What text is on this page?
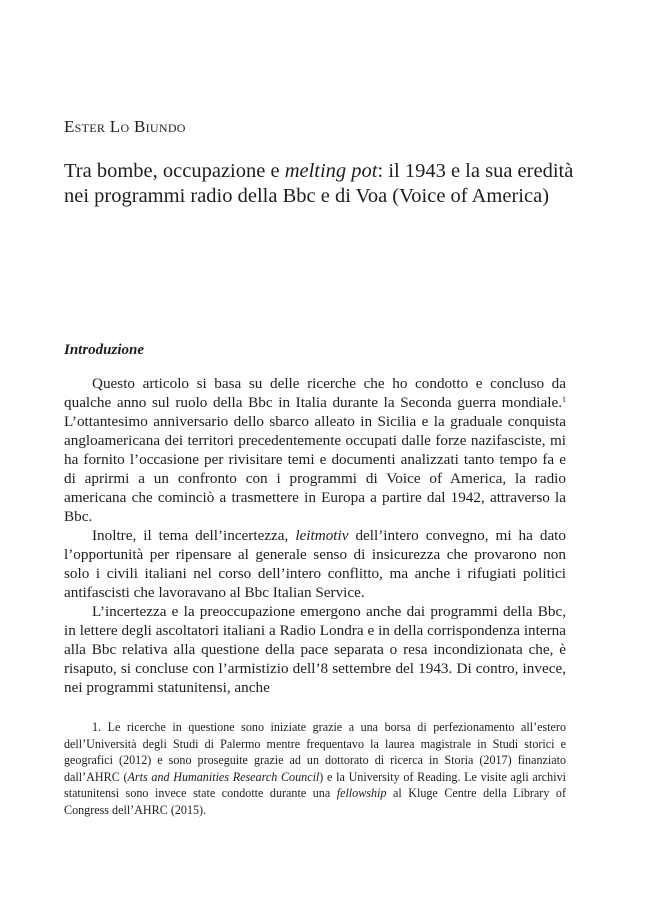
Ester Lo Biundo

Tra bombe, occupazione e melting pot: il 1943 e la sua eredità
nei programmi radio della Bbc e di Voa (Voice of America)
Introduzione

Questo articolo si basa su delle ricerche che ho condotto e concluso da qualche anno sul ruolo della Bbc in Italia durante la Seconda guerra mondiale.$^1$ L’ottantesimo anniversario dello sbarco alleato in Sicilia e la graduale conquista angloamericana dei territori precedentemente occupati dalle forze nazifasciste, mi ha fornito l’occasione per rivisitare temi e documenti analizzati tanto tempo fa e di aprirmi a un confronto con i programmi di Voice of America, la radio americana che cominciò a trasmettere in Europa a partire dal 1942, attraverso la Bbc.

Inoltre, il tema dell’incertezza, leitmotiv dell’intero convegno, mi ha dato l’opportunità per ripensare al generale senso di insicurezza che provarono non solo i civili italiani nel corso dell’intero conflitto, ma anche i rifugiati politici antifascisti che lavoravano al Bbc Italian Service.

L’incertezza e la preoccupazione emergono anche dai programmi della Bbc, in lettere degli ascoltatori italiani a Radio Londra e in della corrispondenza interna alla Bbc relativa alla questione della pace separata o resa incondizionata che, è risaputo, si concluse con l’armistizio dell’8 settembre del 1943. Di contro, invece, nei programmi statunitensi, anche

1. Le ricerche in questione sono iniziate grazie a una borsa di perfezionamento all’estero dell’Università degli Studi di Palermo mentre frequentavo la laurea magistrale in Studi storici e geografici (2012) e sono proseguite grazie ad un dottorato di ricerca in Storia (2017) finanziato dall’AHRC (Arts and Humanities Research Council) e la University of Reading. Le visite agli archivi statunitensi sono invece state condotte durante una fellowship al Kluge Centre della Library of Congress dell’AHRC (2015).
